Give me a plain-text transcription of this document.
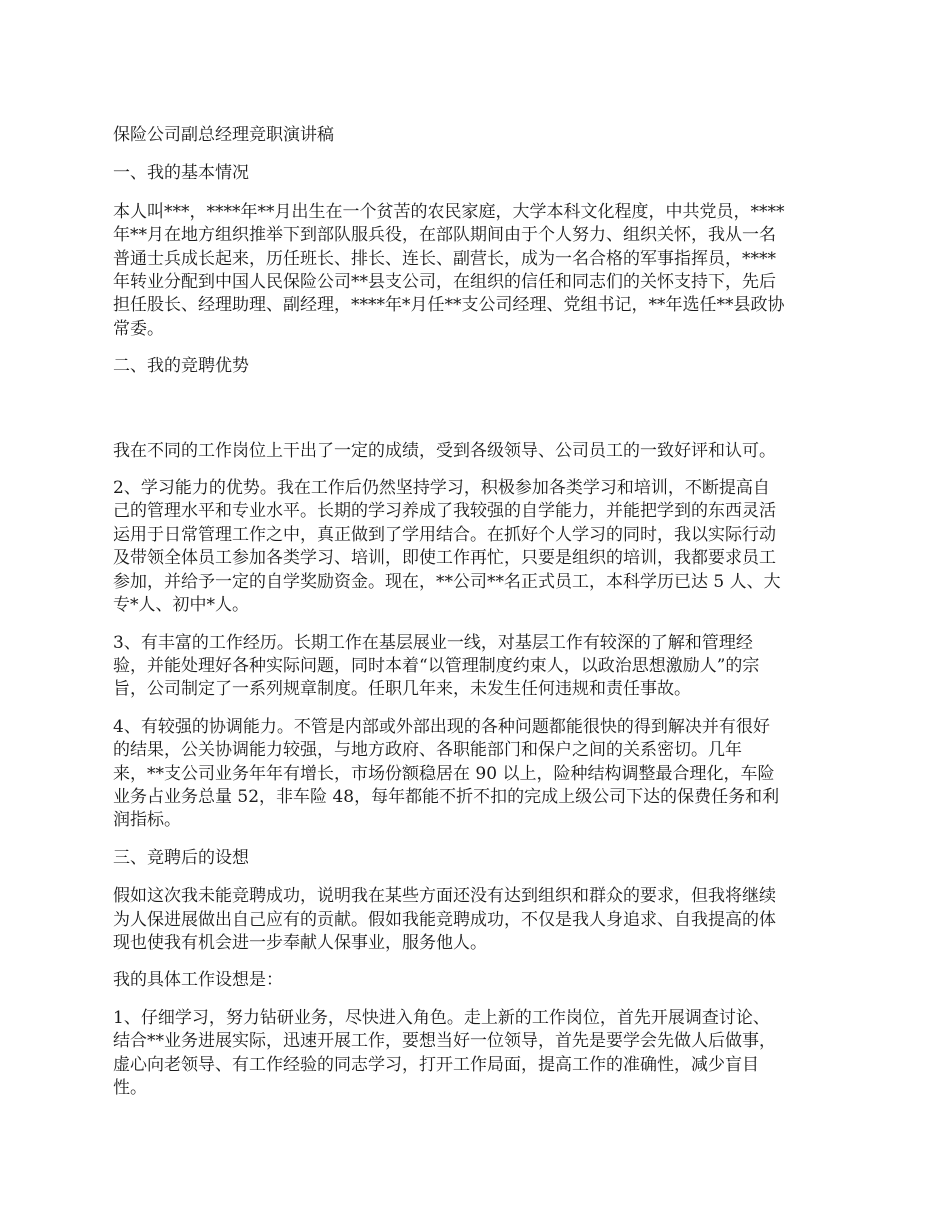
保险公司副总经理竞职演讲稿
一、我的基本情况
本人叫***，****年**月出生在一个贫苦的农民家庭，大学本科文化程度，中共党员，****
年**月在地方组织推举下到部队服兵役，在部队期间由于个人努力、组织关怀，我从一名
普通士兵成长起来，历任班长、排长、连长、副营长，成为一名合格的军事指挥员，****
年转业分配到中国人民保险公司**县支公司，在组织的信任和同志们的关怀支持下，先后
担任股长、经理助理、副经理，****年*月任**支公司经理、党组书记，**年选任**县政协
常委。
二、我的竞聘优势
我在不同的工作岗位上干出了一定的成绩，受到各级领导、公司员工的一致好评和认可。
2、学习能力的优势。我在工作后仍然坚持学习，积极参加各类学习和培训，不断提高自
己的管理水平和专业水平。长期的学习养成了我较强的自学能力，并能把学到的东西灵活
运用于日常管理工作之中，真正做到了学用结合。在抓好个人学习的同时，我以实际行动
及带领全体员工参加各类学习、培训，即使工作再忙，只要是组织的培训，我都要求员工
参加，并给予一定的自学奖励资金。现在，**公司**名正式员工，本科学历已达 5 人、大
专*人、初中*人。
3、有丰富的工作经历。长期工作在基层展业一线，对基层工作有较深的了解和管理经
验，并能处理好各种实际问题，同时本着“以管理制度约束人，以政治思想激励人”的宗
旨，公司制定了一系列规章制度。任职几年来，未发生任何违规和责任事故。
4、有较强的协调能力。不管是内部或外部出现的各种问题都能很快的得到解决并有很好
的结果，公关协调能力较强，与地方政府、各职能部门和保户之间的关系密切。几年
来，**支公司业务年年有增长，市场份额稳居在 90 以上，险种结构调整最合理化，车险
业务占业务总量 52，非车险 48，每年都能不折不扣的完成上级公司下达的保费任务和利
润指标。
三、竞聘后的设想
假如这次我未能竞聘成功，说明我在某些方面还没有达到组织和群众的要求，但我将继续
为人保进展做出自己应有的贡献。假如我能竞聘成功，不仅是我人身追求、自我提高的体
现也使我有机会进一步奉献人保事业，服务他人。
我的具体工作设想是：
1、仔细学习，努力钻研业务，尽快进入角色。走上新的工作岗位，首先开展调查讨论、
结合**业务进展实际，迅速开展工作，要想当好一位领导，首先是要学会先做人后做事，
虚心向老领导、有工作经验的同志学习，打开工作局面，提高工作的准确性，减少盲目
性。
